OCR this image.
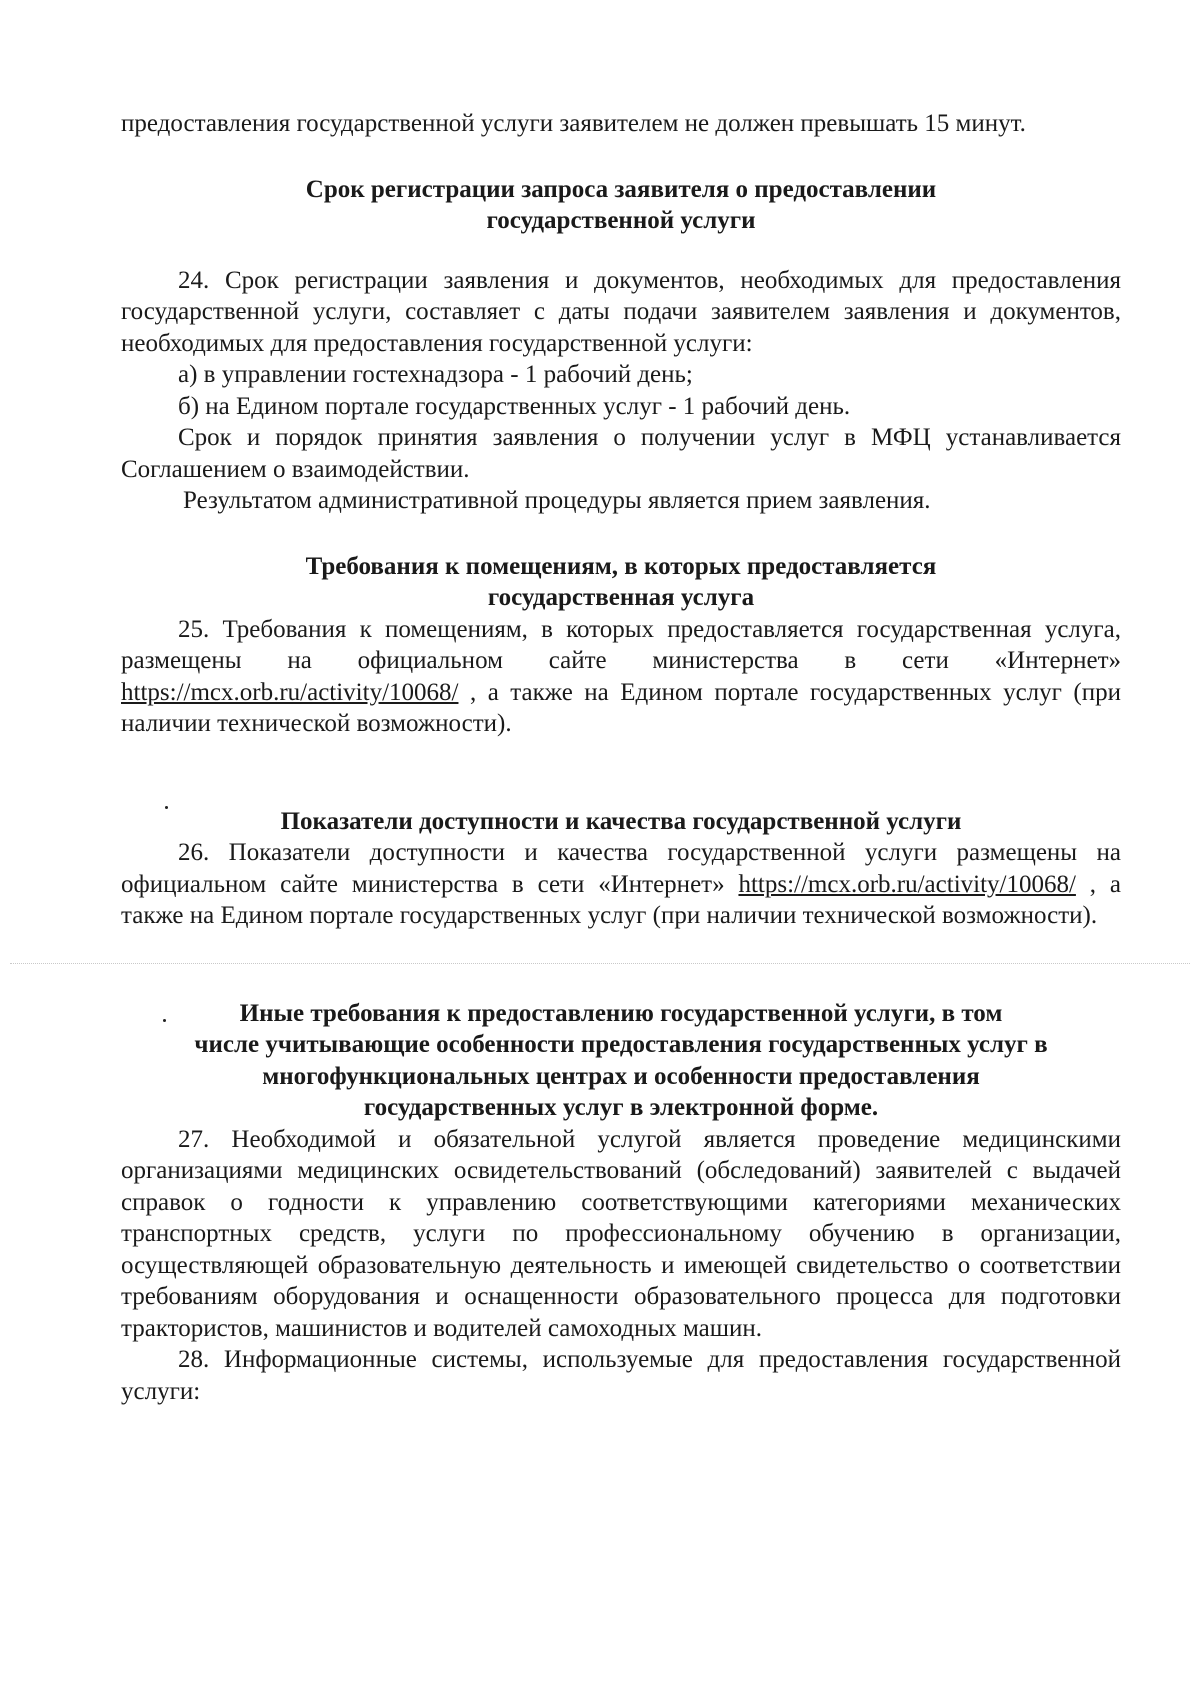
предоставления государственной услуги заявителем не должен превышать 15 минут.

Срок регистрации запроса заявителя о предоставлении

государственной услуги

24. Срок регистрации заявления и документов, необходимых для предоставления государственной услуги, составляет с даты подачи заявителем заявления и документов, необходимых для предоставления государственной услуги:

а) в управлении гостехнадзора - 1 рабочий день;

б) на Едином портале государственных услуг - 1 рабочий день.

Срок и порядок принятия заявления о получении услуг в МФЦ устанавливается Соглашением о взаимодействии.

Результатом административной процедуры является прием заявления.

Требования к помещениям, в которых предоставляется

государственная услуга

25. Требования к помещениям, в которых предоставляется государственная услуга, размещены на официальном сайте министерства в сети «Интернет» https://mcx.orb.ru/activity/10068/ , а также на Едином портале государственных услуг (при наличии технической возможности).

Показатели доступности и качества государственной услуги

26. Показатели доступности и качества государственной услуги размещены на официальном сайте министерства в сети «Интернет» https://mcx.orb.ru/activity/10068/ , а также на Едином портале государственных услуг (при наличии технической возможности).

Иные требования к предоставлению государственной услуги, в том

числе учитывающие особенности предоставления государственных услуг в

многофункциональных центрах и особенности предоставления

государственных услуг в электронной форме.

27. Необходимой и обязательной услугой является проведение медицинскими организациями медицинских освидетельствований (обследований) заявителей с выдачей справок о годности к управлению соответствующими категориями механических транспортных средств, услуги по профессиональному обучению в организации, осуществляющей образовательную деятельность и имеющей свидетельство о соответствии требованиям оборудования и оснащенности образовательного процесса для подготовки трактористов, машинистов и водителей самоходных машин.

28. Информационные системы, используемые для предоставления государственной услуги:
